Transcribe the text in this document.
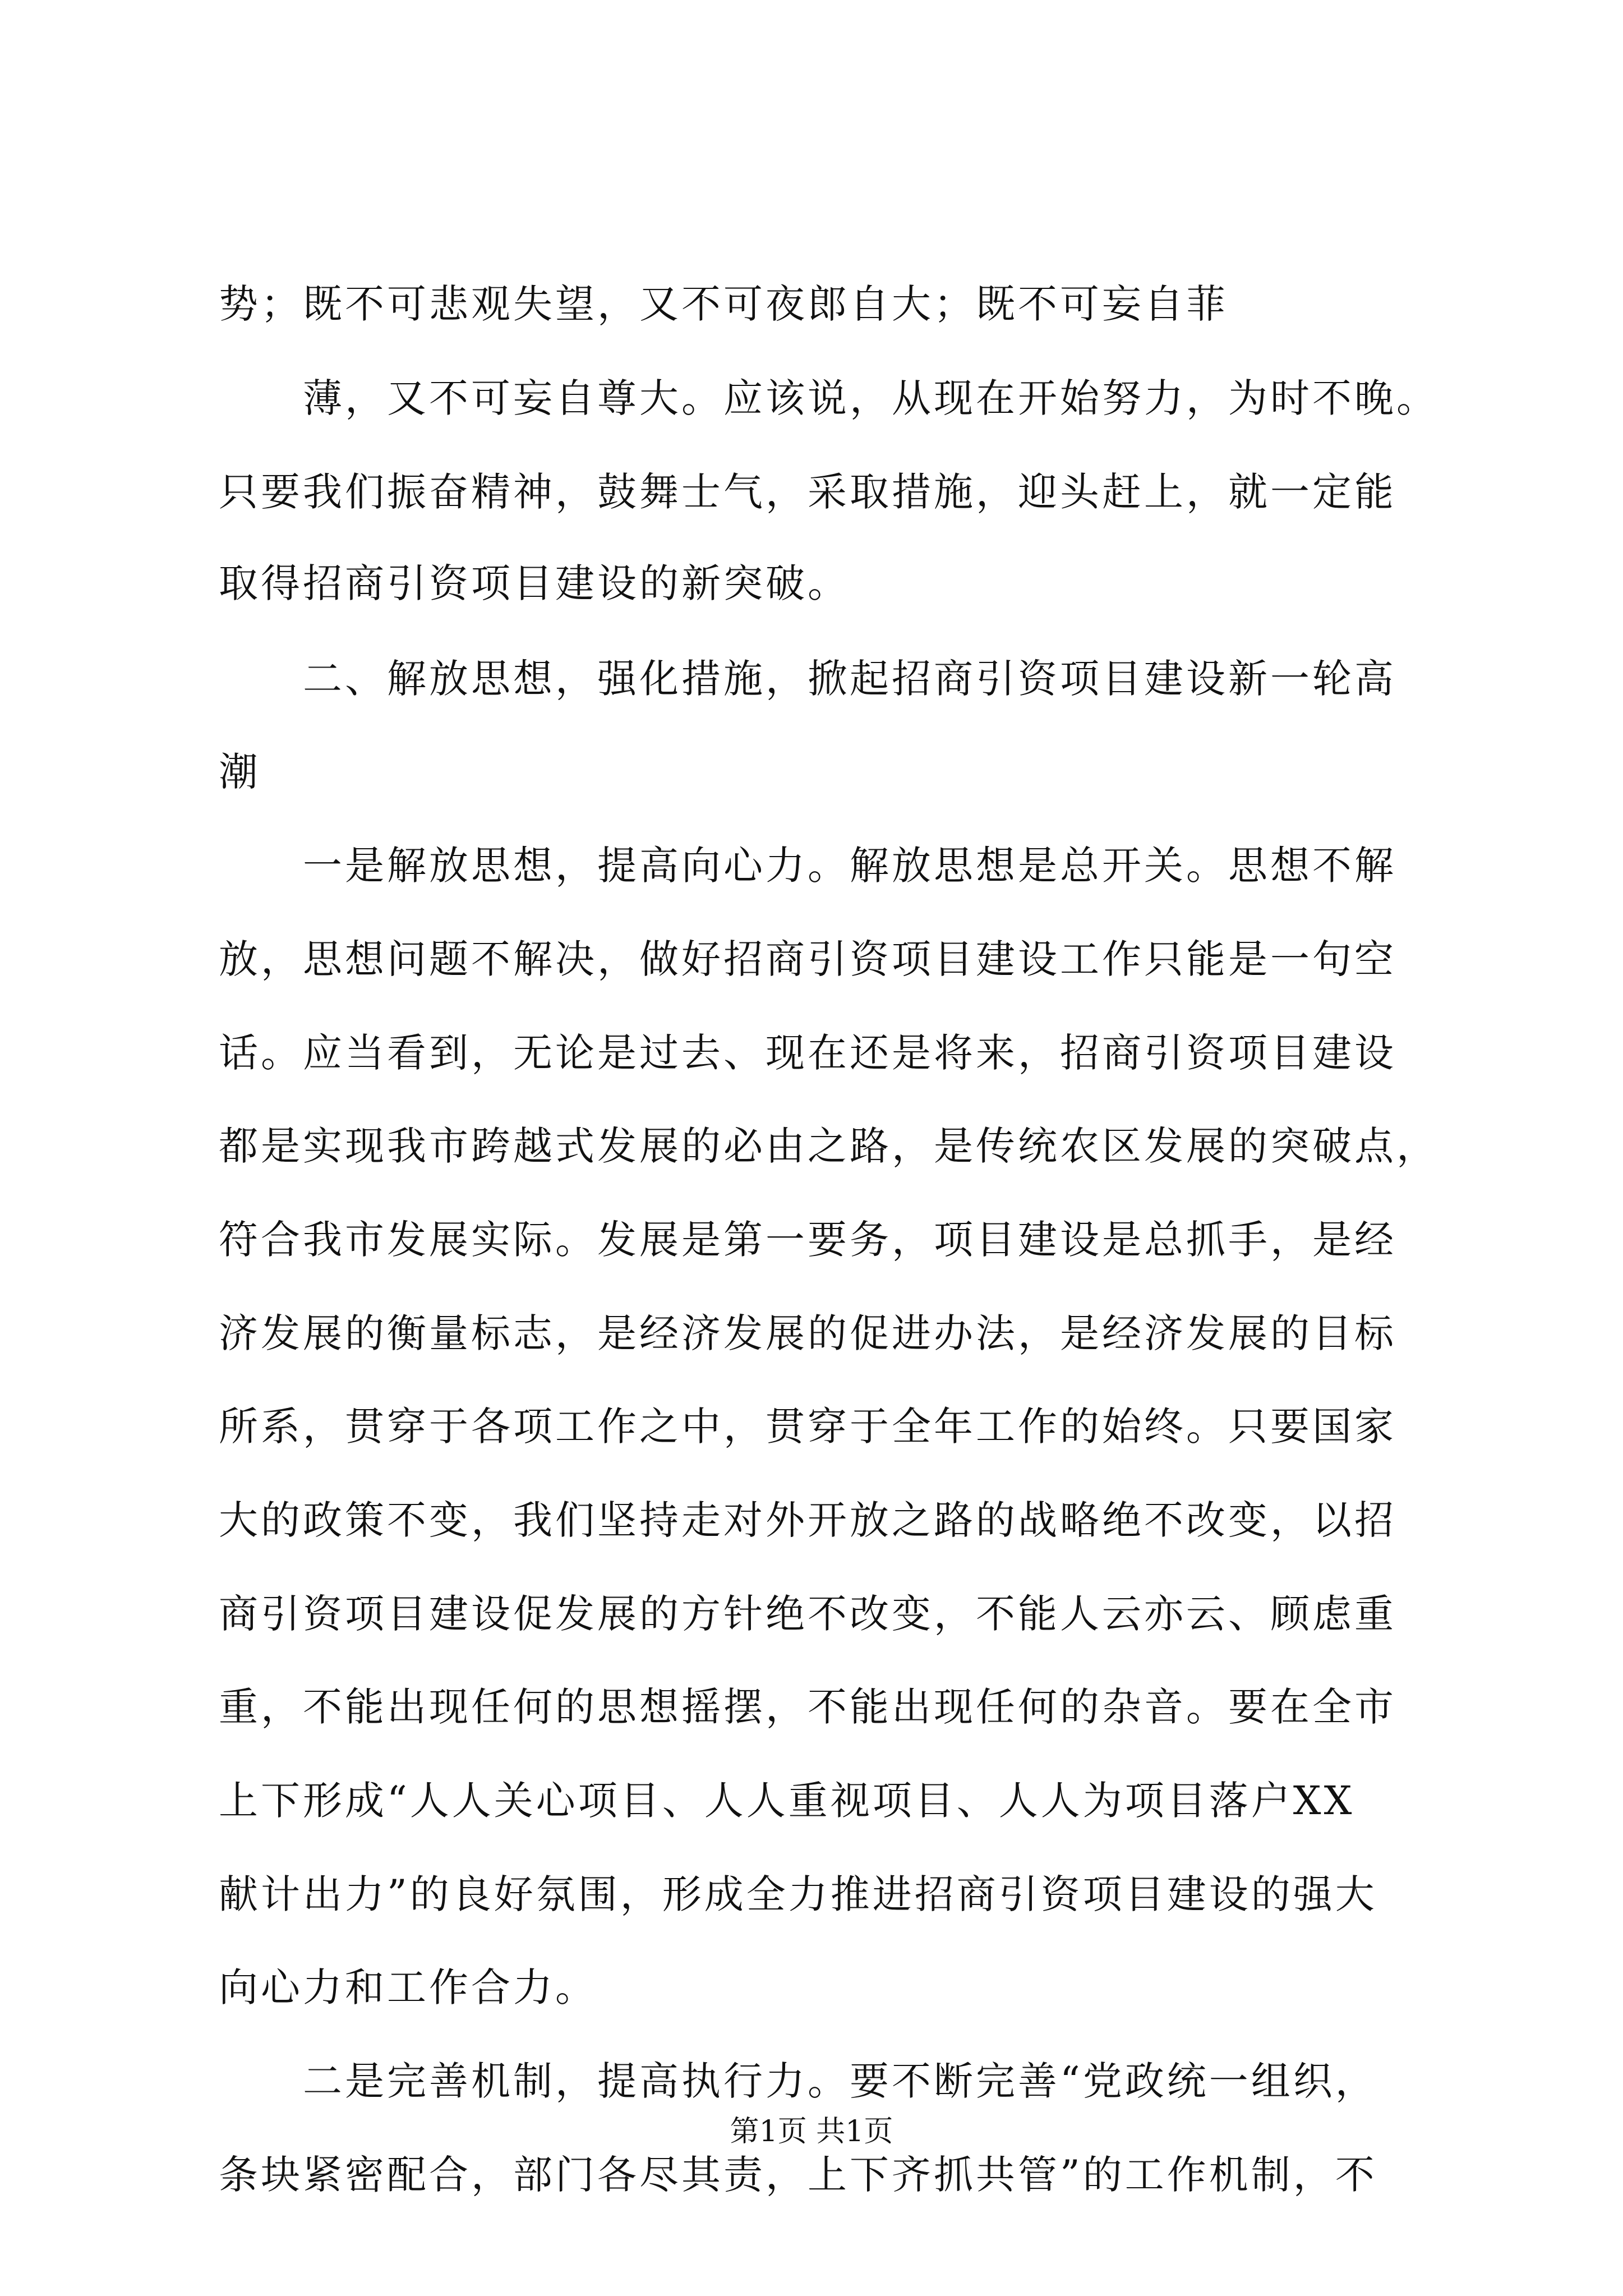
势；既不可悲观失望，又不可夜郎自大；既不可妄自菲
薄，又不可妄自尊大。应该说，从现在开始努力，为时不晚。
只要我们振奋精神，鼓舞士气，采取措施，迎头赶上，就一定能
取得招商引资项目建设的新突破。
二、解放思想，强化措施，掀起招商引资项目建设新一轮高
潮
一是解放思想，提高向心力。解放思想是总开关。思想不解
放，思想问题不解决，做好招商引资项目建设工作只能是一句空
话。应当看到，无论是过去、现在还是将来，招商引资项目建设
都是实现我市跨越式发展的必由之路，是传统农区发展的突破点，
符合我市发展实际。发展是第一要务，项目建设是总抓手，是经
济发展的衡量标志，是经济发展的促进办法，是经济发展的目标
所系，贯穿于各项工作之中，贯穿于全年工作的始终。只要国家
大的政策不变，我们坚持走对外开放之路的战略绝不改变，以招
商引资项目建设促发展的方针绝不改变，不能人云亦云、顾虑重
重，不能出现任何的思想摇摆，不能出现任何的杂音。要在全市
上下形成“人人关心项目、人人重视项目、人人为项目落户XX
献计出力”的良好氛围，形成全力推进招商引资项目建设的强大
向心力和工作合力。
二是完善机制，提高执行力。要不断完善“党政统一组织，
条块紧密配合，部门各尽其责，上下齐抓共管”的工作机制，不
第1页 共1页
